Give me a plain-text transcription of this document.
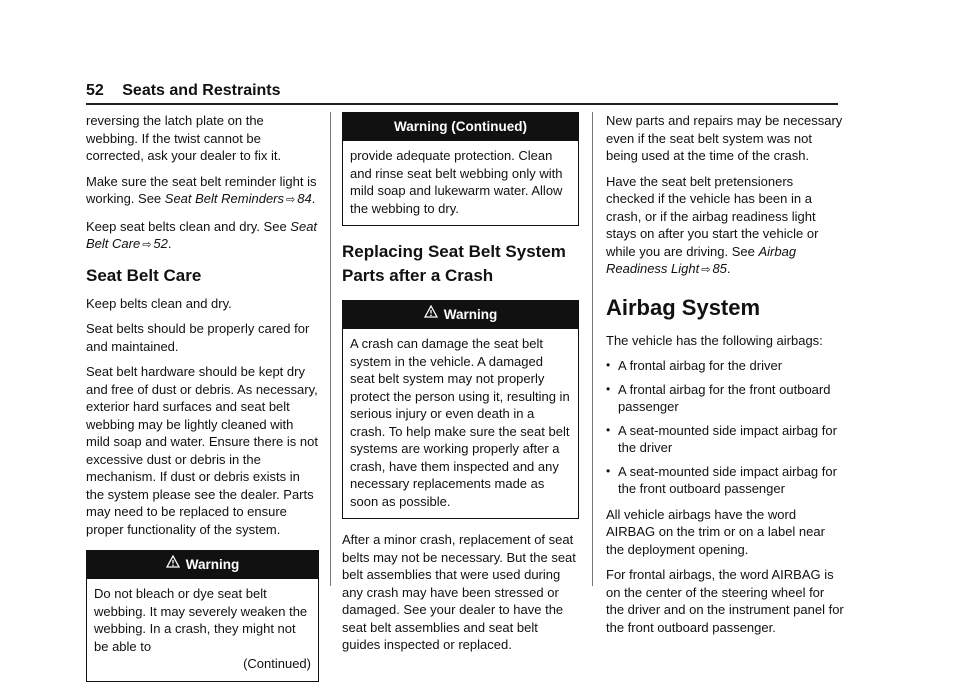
52 Seats and Restraints

reversing the latch plate on the webbing. If the twist cannot be corrected, ask your dealer to fix it.

Make sure the seat belt reminder light is working. See Seat Belt Reminders ⇨ 84.

Keep seat belts clean and dry. See Seat Belt Care ⇨ 52.

Seat Belt Care

Keep belts clean and dry.

Seat belts should be properly cared for and maintained.

Seat belt hardware should be kept dry and free of dust or debris. As necessary, exterior hard surfaces and seat belt webbing may be lightly cleaned with mild soap and water. Ensure there is not excessive dust or debris in the mechanism. If dust or debris exists in the system please see the dealer. Parts may need to be replaced to ensure proper functionality of the system.

Warning

Do not bleach or dye seat belt webbing. It may severely weaken the webbing. In a crash, they might not be able to

(Continued)

Warning (Continued)

provide adequate protection. Clean and rinse seat belt webbing only with mild soap and lukewarm water. Allow the webbing to dry.

Replacing Seat Belt System Parts after a Crash
Warning

A crash can damage the seat belt system in the vehicle. A damaged seat belt system may not properly protect the person using it, resulting in serious injury or even death in a crash. To help make sure the seat belt systems are working properly after a crash, have them inspected and any necessary replacements made as soon as possible.

After a minor crash, replacement of seat belts may not be necessary. But the seat belt assemblies that were used during any crash may have been stressed or damaged. See your dealer to have the seat belt assemblies and seat belt guides inspected or replaced.

New parts and repairs may be necessary even if the seat belt system was not being used at the time of the crash.

Have the seat belt pretensioners checked if the vehicle has been in a crash, or if the airbag readiness light stays on after you start the vehicle or while you are driving. See Airbag Readiness Light ⇨ 85.

Airbag System

The vehicle has the following airbags:

• A frontal airbag for the driver
• A frontal airbag for the front outboard passenger
• A seat-mounted side impact airbag for the driver
• A seat-mounted side impact airbag for the front outboard passenger

All vehicle airbags have the word AIRBAG on the trim or on a label near the deployment opening.

For frontal airbags, the word AIRBAG is on the center of the steering wheel for the driver and on the instrument panel for the front outboard passenger.
